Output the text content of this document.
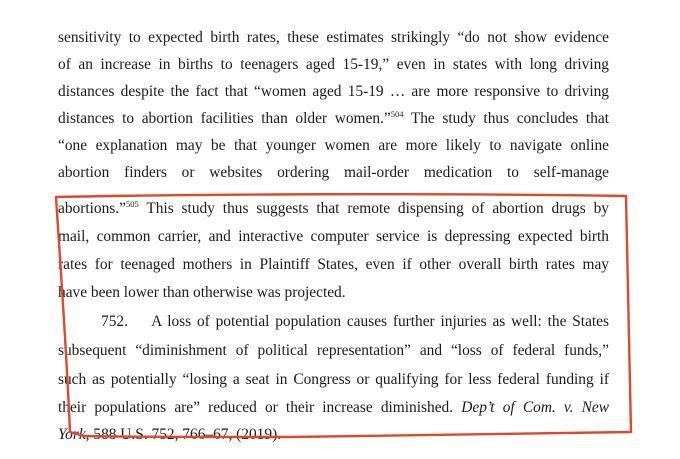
sensitivity to expected birth rates, these estimates strikingly “do not show evidence
of an increase in births to teenagers aged 15-19,” even in states with long driving
distances despite the fact that “women aged 15-19 … are more responsive to driving
distances to abortion facilities than older women.”$^{504}$ The study thus concludes that
“one explanation may be that younger women are more likely to navigate online
abortion finders or websites ordering mail-order medication to self-manage
abortions.”$^{505}$ This study thus suggests that remote dispensing of abortion drugs by
mail, common carrier, and interactive computer service is depressing expected birth
rates for teenaged mothers in Plaintiff States, even if other overall birth rates may
have been lower than otherwise was projected.
752. A loss of potential population causes further injuries as well: the States
subsequent “diminishment of political representation” and “loss of federal funds,”
such as potentially “losing a seat in Congress or qualifying for less federal funding if
their populations are” reduced or their increase diminished. Dep’t of Com. v. New
York, 588 U.S. 752, 766–67, (2019).
